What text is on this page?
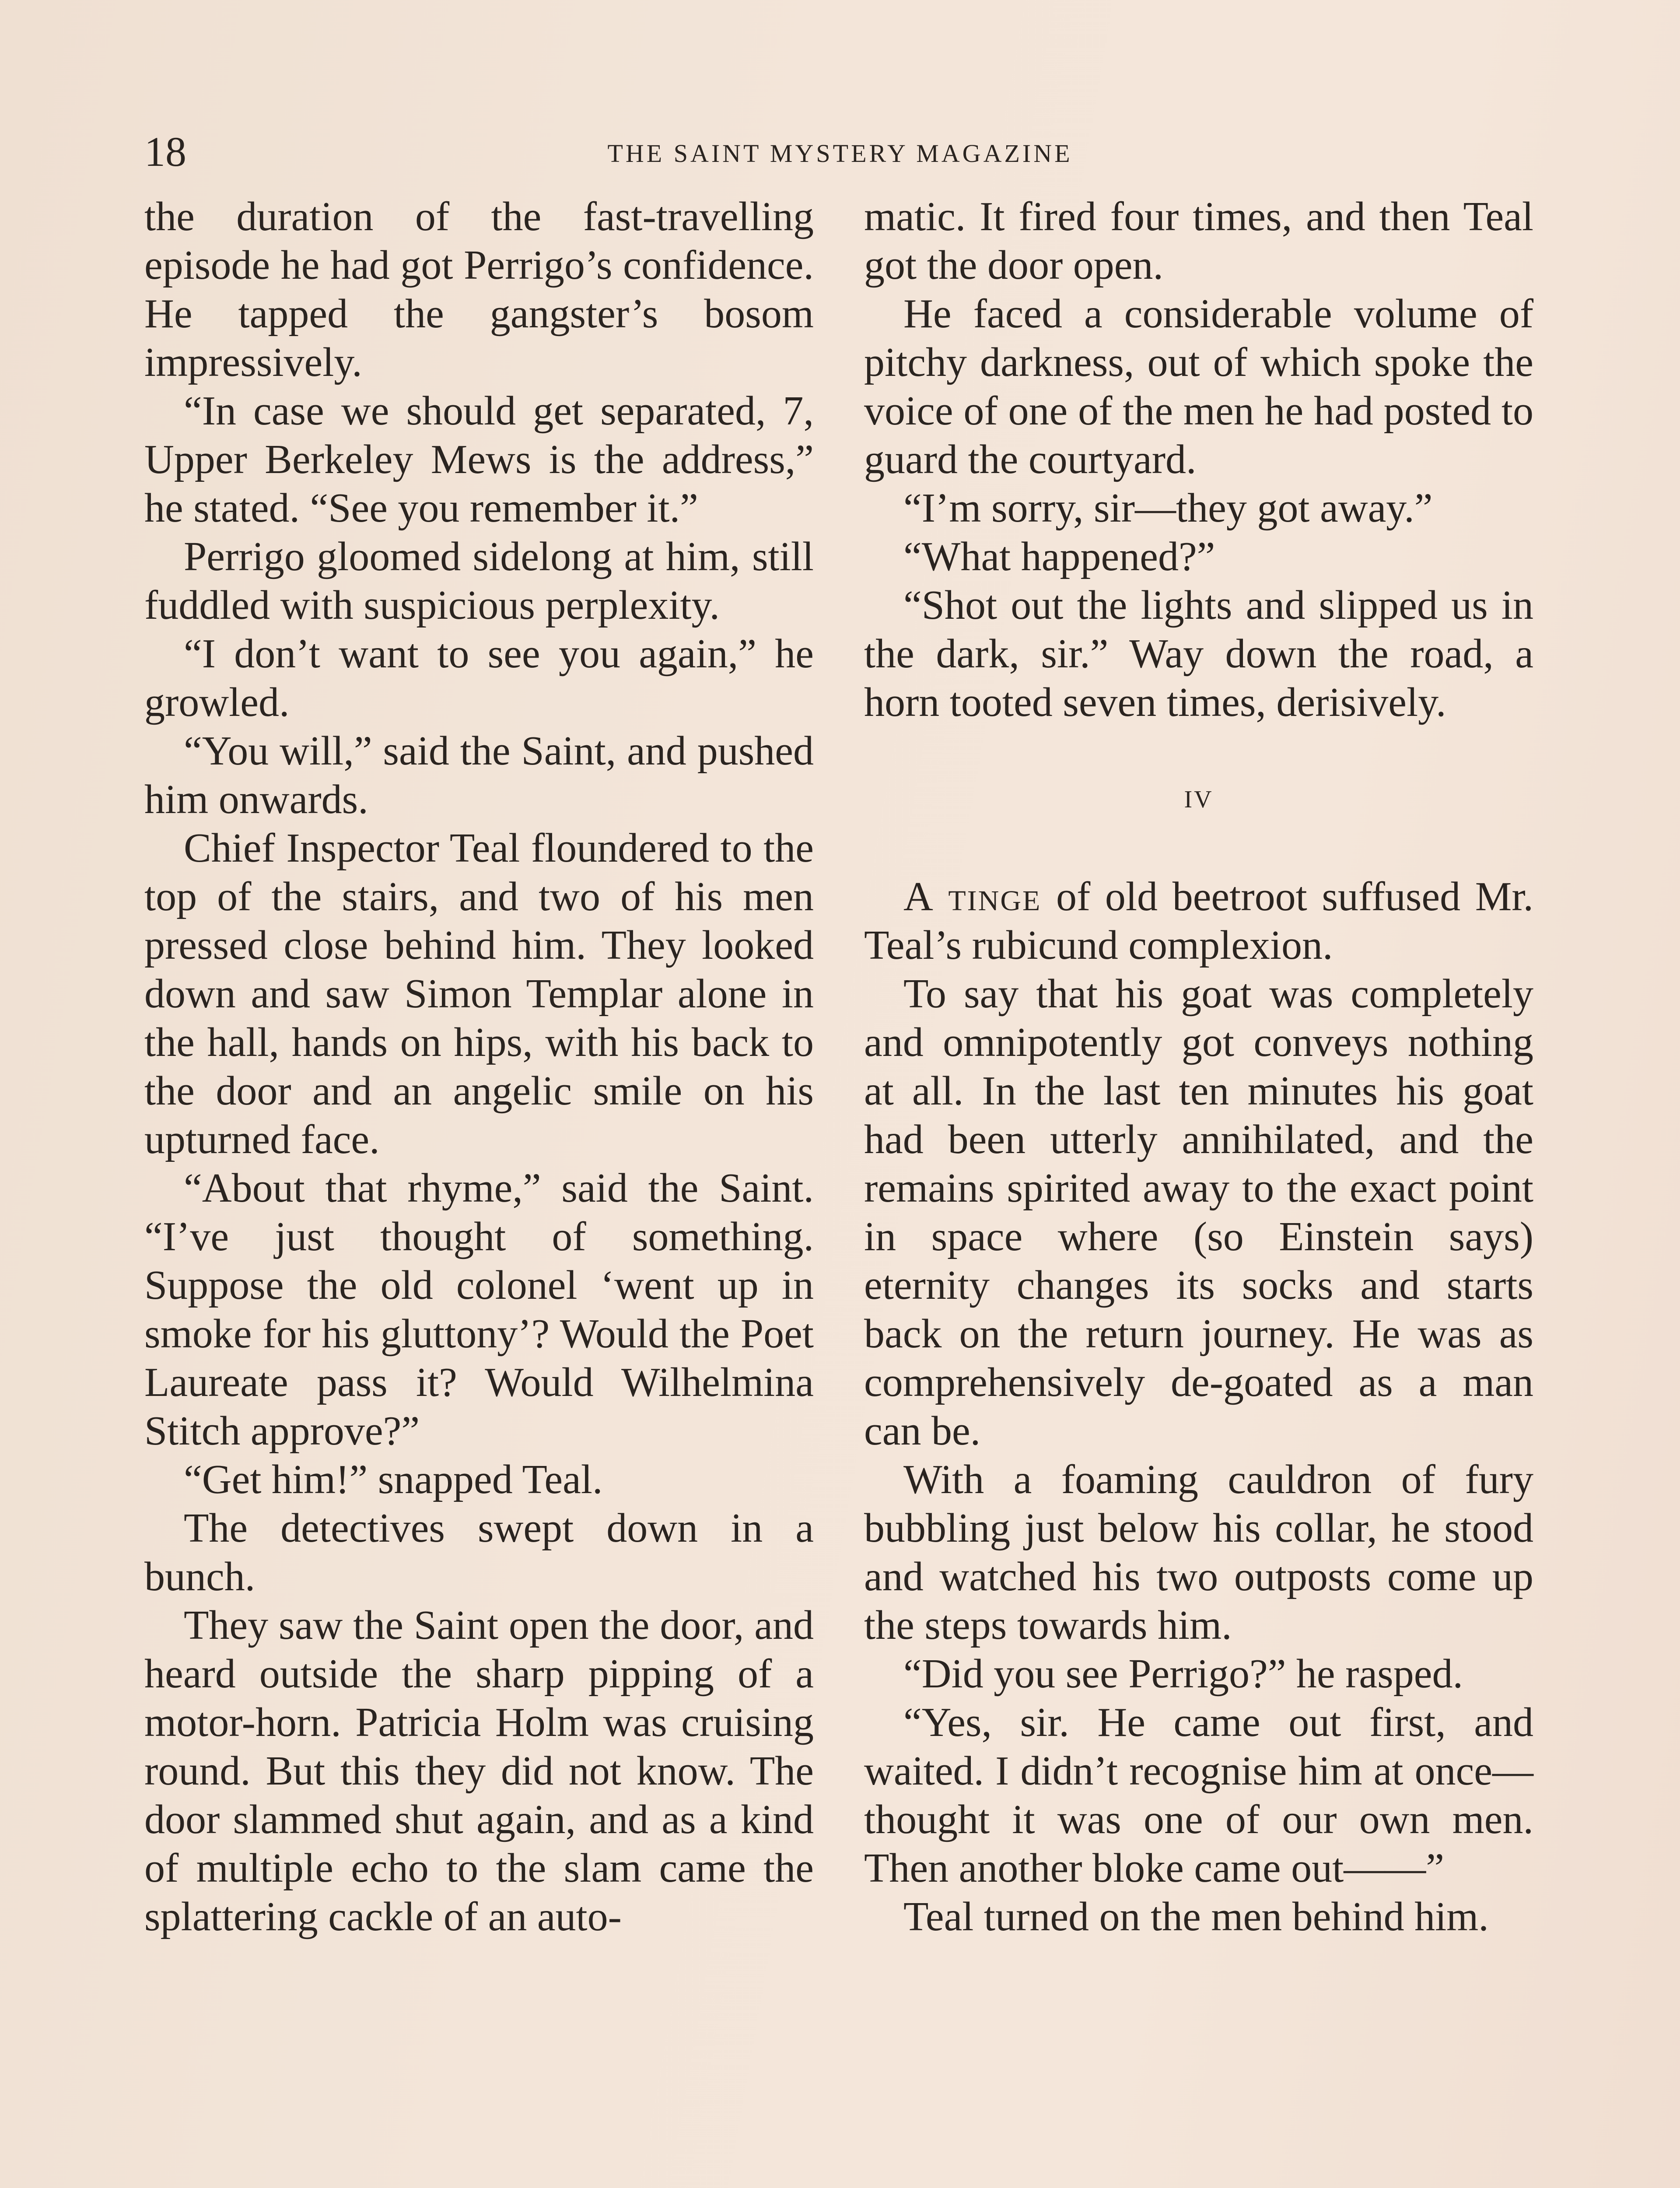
18	THE SAINT MYSTERY MAGAZINE

the duration of the fast-travelling episode he had got Perrigo’s confidence. He tapped the gangster’s bosom impressively.

“In case we should get separated, 7, Upper Berkeley Mews is the address,” he stated. “See you remember it.”

Perrigo gloomed sidelong at him, still fuddled with suspicious perplexity.

“I don’t want to see you again,” he growled.

“You will,” said the Saint, and pushed him onwards.

Chief Inspector Teal floundered to the top of the stairs, and two of his men pressed close behind him. They looked down and saw Simon Templar alone in the hall, hands on hips, with his back to the door and an angelic smile on his upturned face.

“About that rhyme,” said the Saint. “I’ve just thought of something. Suppose the old colonel ‘went up in smoke for his gluttony’? Would the Poet Laureate pass it? Would Wilhelmina Stitch approve?”

“Get him!” snapped Teal.

The detectives swept down in a bunch.

They saw the Saint open the door, and heard outside the sharp pipping of a motor-horn. Patricia Holm was cruising round. But this they did not know. The door slammed shut again, and as a kind of multiple echo to the slam came the splattering cackle of an auto-

matic. It fired four times, and then Teal got the door open.

He faced a considerable volume of pitchy darkness, out of which spoke the voice of one of the men he had posted to guard the courtyard.

“I’m sorry, sir—they got away.”

“What happened?”

“Shot out the lights and slipped us in the dark, sir.” Way down the road, a horn tooted seven times, derisively.

IV

A tinge of old beetroot suffused Mr. Teal’s rubicund complexion.

To say that his goat was completely and omnipotently got conveys nothing at all. In the last ten minutes his goat had been utterly annihilated, and the remains spirited away to the exact point in space where (so Einstein says) eternity changes its socks and starts back on the return journey. He was as comprehensively de-goated as a man can be.

With a foaming cauldron of fury bubbling just below his collar, he stood and watched his two outposts come up the steps towards him.

“Did you see Perrigo?” he rasped.

“Yes, sir. He came out first, and waited. I didn’t recognise him at once—thought it was one of our own men. Then another bloke came out——”

Teal turned on the men behind him.
